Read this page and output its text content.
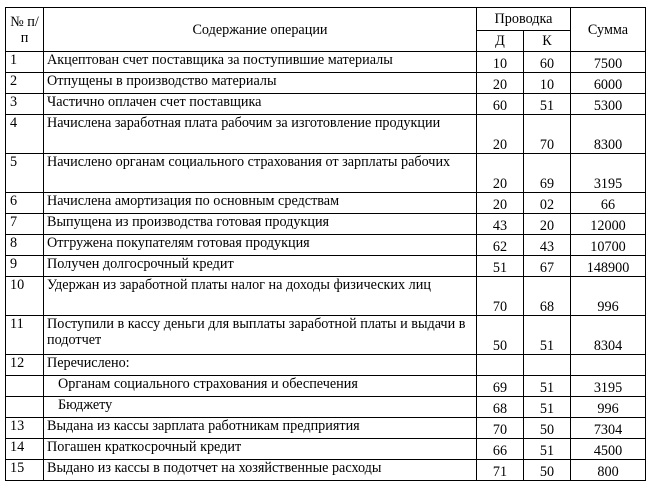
№ п/п	Содержание операции	Проводка		Сумма
		Д	К	
1	Акцептован счет поставщика за поступившие материалы	10	60	7500
2	Отпущены в производство материалы	20	10	6000
3	Частично оплачен счет поставщика	60	51	5300
4	Начислена заработная плата рабочим за изготовление продукции	20	70	8300
5	Начислено органам социального страхования от зарплаты рабочих	20	69	3195
6	Начислена амортизация по основным средствам	20	02	66
7	Выпущена из производства готовая продукция	43	20	12000
8	Отгружена покупателям готовая продукция	62	43	10700
9	Получен долгосрочный кредит	51	67	148900
10	Удержан из заработной платы налог на доходы физических лиц	70	68	996
11	Поступили в кассу деньги для выплаты заработной платы и выдачи в подотчет	50	51	8304
12	Перечислено:			
	Органам социального страхования и обеспечения	69	51	3195
	Бюджету	68	51	996
13	Выдана из кассы зарплата работникам предприятия	70	50	7304
14	Погашен краткосрочный кредит	66	51	4500
15	Выдано из кассы в подотчет на хозяйственные расходы	71	50	800
